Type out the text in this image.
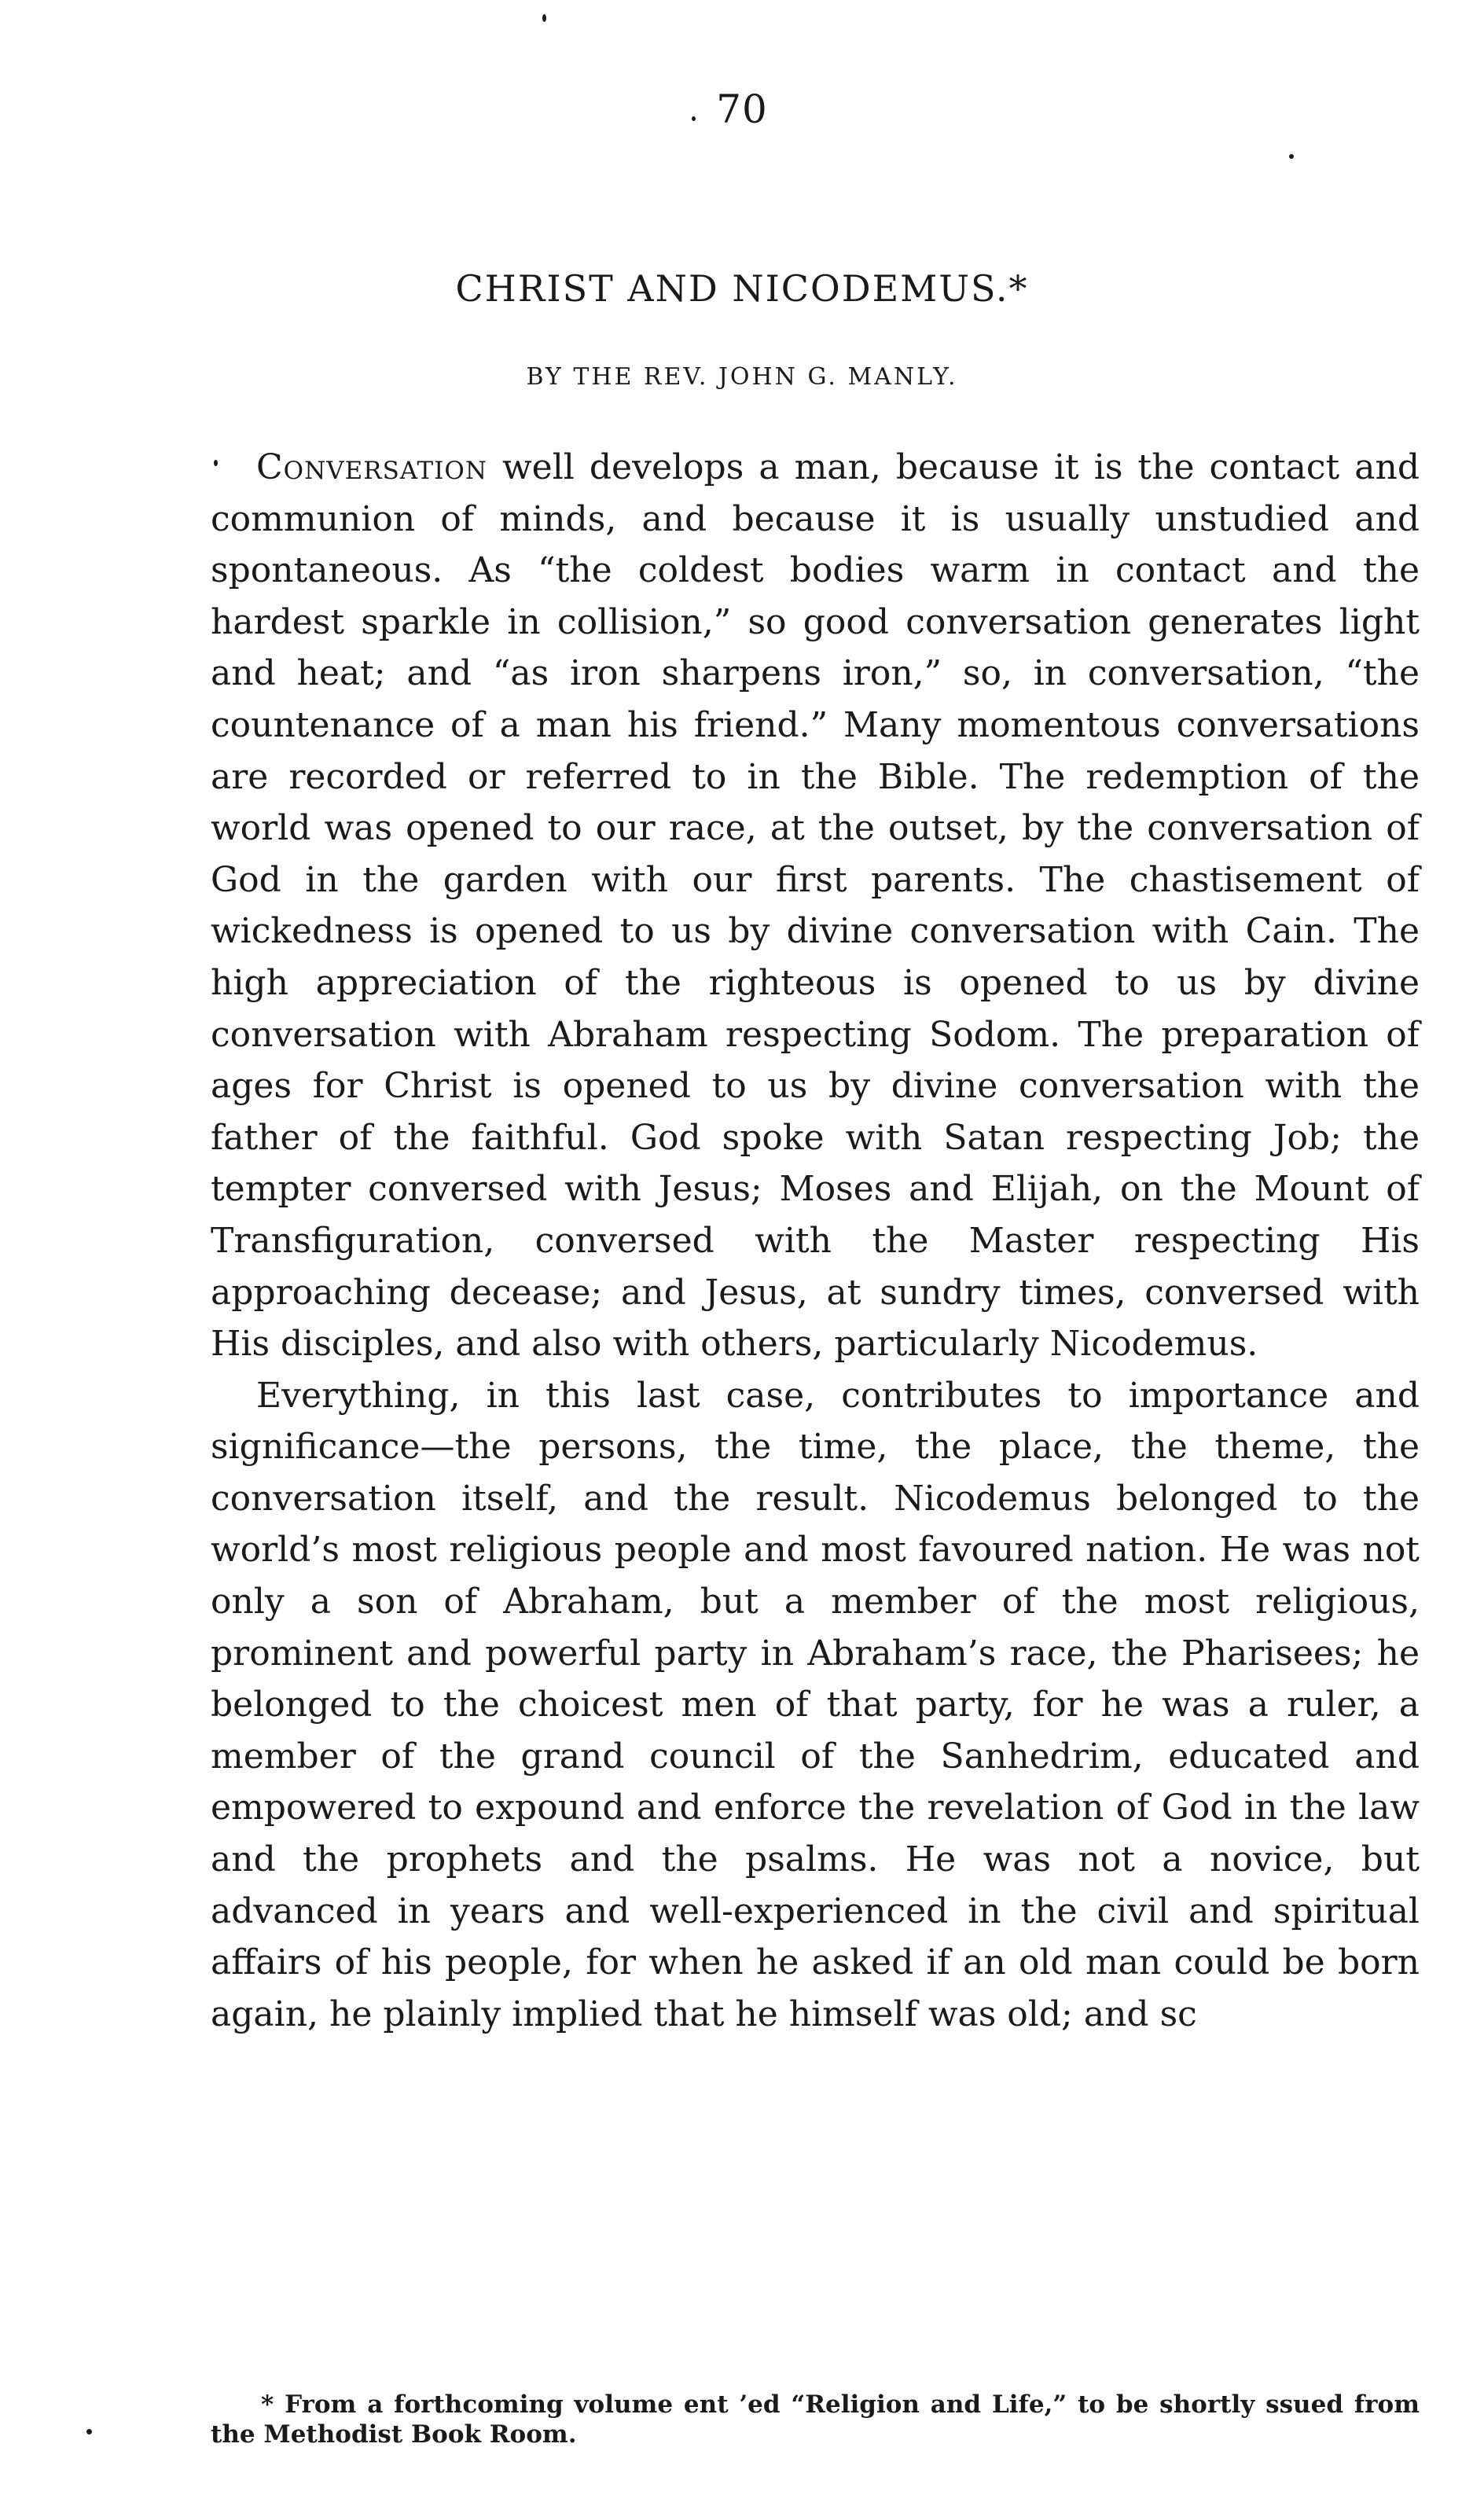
70
CHRIST AND NICODEMUS.*
BY THE REV. JOHN G. MANLY.

Conversation well develops a man, because it is the contact and communion of minds, and because it is usually unstudied and spontaneous. As “the coldest bodies warm in contact and the hardest sparkle in collision,” so good conversation generates light and heat; and “as iron sharpens iron,” so, in conversation, “the countenance of a man his friend.” Many momentous conversations are recorded or referred to in the Bible. The redemption of the world was opened to our race, at the outset, by the conversation of God in the garden with our first parents. The chastisement of wickedness is opened to us by divine conversation with Cain. The high appreciation of the righteous is opened to us by divine conversation with Abraham respecting Sodom. The preparation of ages for Christ is opened to us by divine conversation with the father of the faithful. God spoke with Satan respecting Job; the tempter conversed with Jesus; Moses and Elijah, on the Mount of Transfiguration, conversed with the Master respecting His approaching decease; and Jesus, at sundry times, conversed with His disciples, and also with others, particularly Nicodemus.

Everything, in this last case, contributes to importance and significance—the persons, the time, the place, the theme, the conversation itself, and the result. Nicodemus belonged to the world’s most religious people and most favoured nation. He was not only a son of Abraham, but a member of the most religious, prominent and powerful party in Abraham’s race, the Pharisees; he belonged to the choicest men of that party, for he was a ruler, a member of the grand council of the Sanhedrim, educated and empowered to expound and enforce the revelation of God in the law and the prophets and the psalms. He was not a novice, but advanced in years and well-experienced in the civil and spiritual affairs of his people, for when he asked if an old man could be born again, he plainly implied that he himself was old; and sc

* From a forthcoming volume ent ’ed “Religion and Life,” to be shortly ssued from the Methodist Book Room.
